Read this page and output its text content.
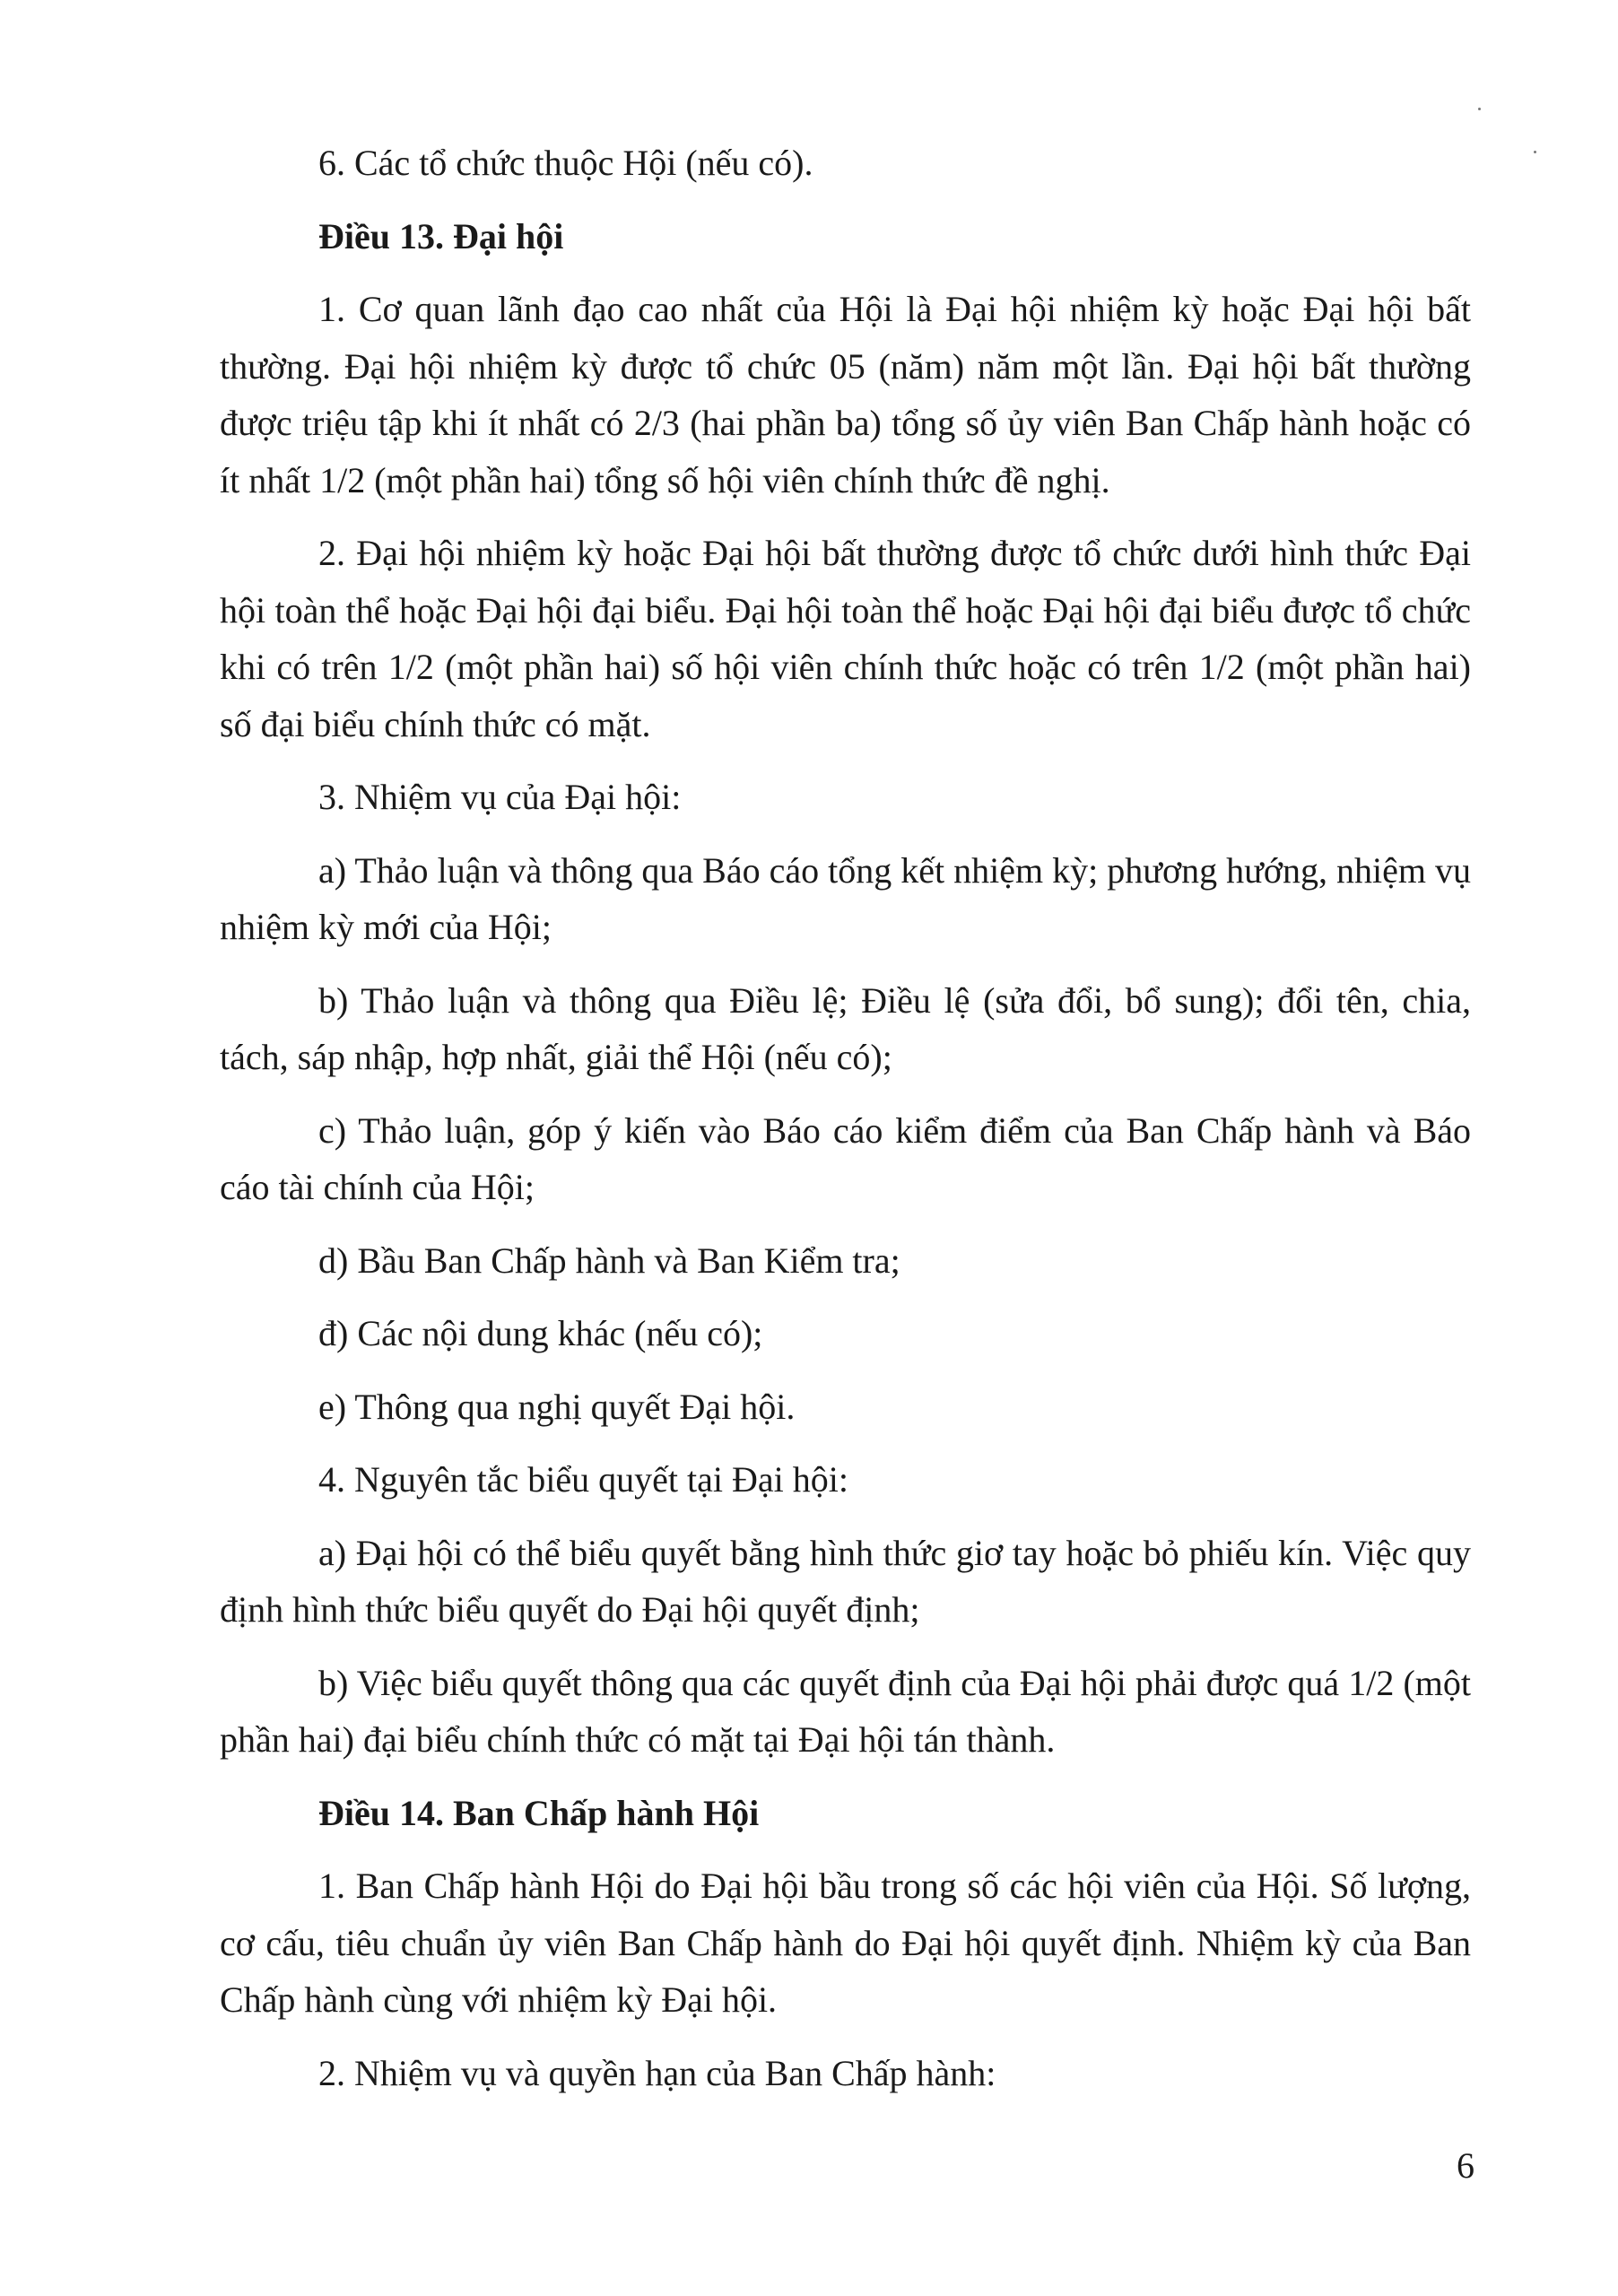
6. Các tổ chức thuộc Hội (nếu có).

Điều 13. Đại hội

1. Cơ quan lãnh đạo cao nhất của Hội là Đại hội nhiệm kỳ hoặc Đại hội bất thường. Đại hội nhiệm kỳ được tổ chức 05 (năm) năm một lần. Đại hội bất thường được triệu tập khi ít nhất có 2/3 (hai phần ba) tổng số ủy viên Ban Chấp hành hoặc có ít nhất 1/2 (một phần hai) tổng số hội viên chính thức đề nghị.

2. Đại hội nhiệm kỳ hoặc Đại hội bất thường được tổ chức dưới hình thức Đại hội toàn thể hoặc Đại hội đại biểu. Đại hội toàn thể hoặc Đại hội đại biểu được tổ chức khi có trên 1/2 (một phần hai) số hội viên chính thức hoặc có trên 1/2 (một phần hai) số đại biểu chính thức có mặt.

3. Nhiệm vụ của Đại hội:

a) Thảo luận và thông qua Báo cáo tổng kết nhiệm kỳ; phương hướng, nhiệm vụ nhiệm kỳ mới của Hội;

b) Thảo luận và thông qua Điều lệ; Điều lệ (sửa đổi, bổ sung); đổi tên, chia, tách, sáp nhập, hợp nhất, giải thể Hội (nếu có);

c) Thảo luận, góp ý kiến vào Báo cáo kiểm điểm của Ban Chấp hành và Báo cáo tài chính của Hội;

d) Bầu Ban Chấp hành và Ban Kiểm tra;

đ) Các nội dung khác (nếu có);

e) Thông qua nghị quyết Đại hội.

4. Nguyên tắc biểu quyết tại Đại hội:

a) Đại hội có thể biểu quyết bằng hình thức giơ tay hoặc bỏ phiếu kín. Việc quy định hình thức biểu quyết do Đại hội quyết định;

b) Việc biểu quyết thông qua các quyết định của Đại hội phải được quá 1/2 (một phần hai) đại biểu chính thức có mặt tại Đại hội tán thành.

Điều 14. Ban Chấp hành Hội

1. Ban Chấp hành Hội do Đại hội bầu trong số các hội viên của Hội. Số lượng, cơ cấu, tiêu chuẩn ủy viên Ban Chấp hành do Đại hội quyết định. Nhiệm kỳ của Ban Chấp hành cùng với nhiệm kỳ Đại hội.

2. Nhiệm vụ và quyền hạn của Ban Chấp hành:

6
